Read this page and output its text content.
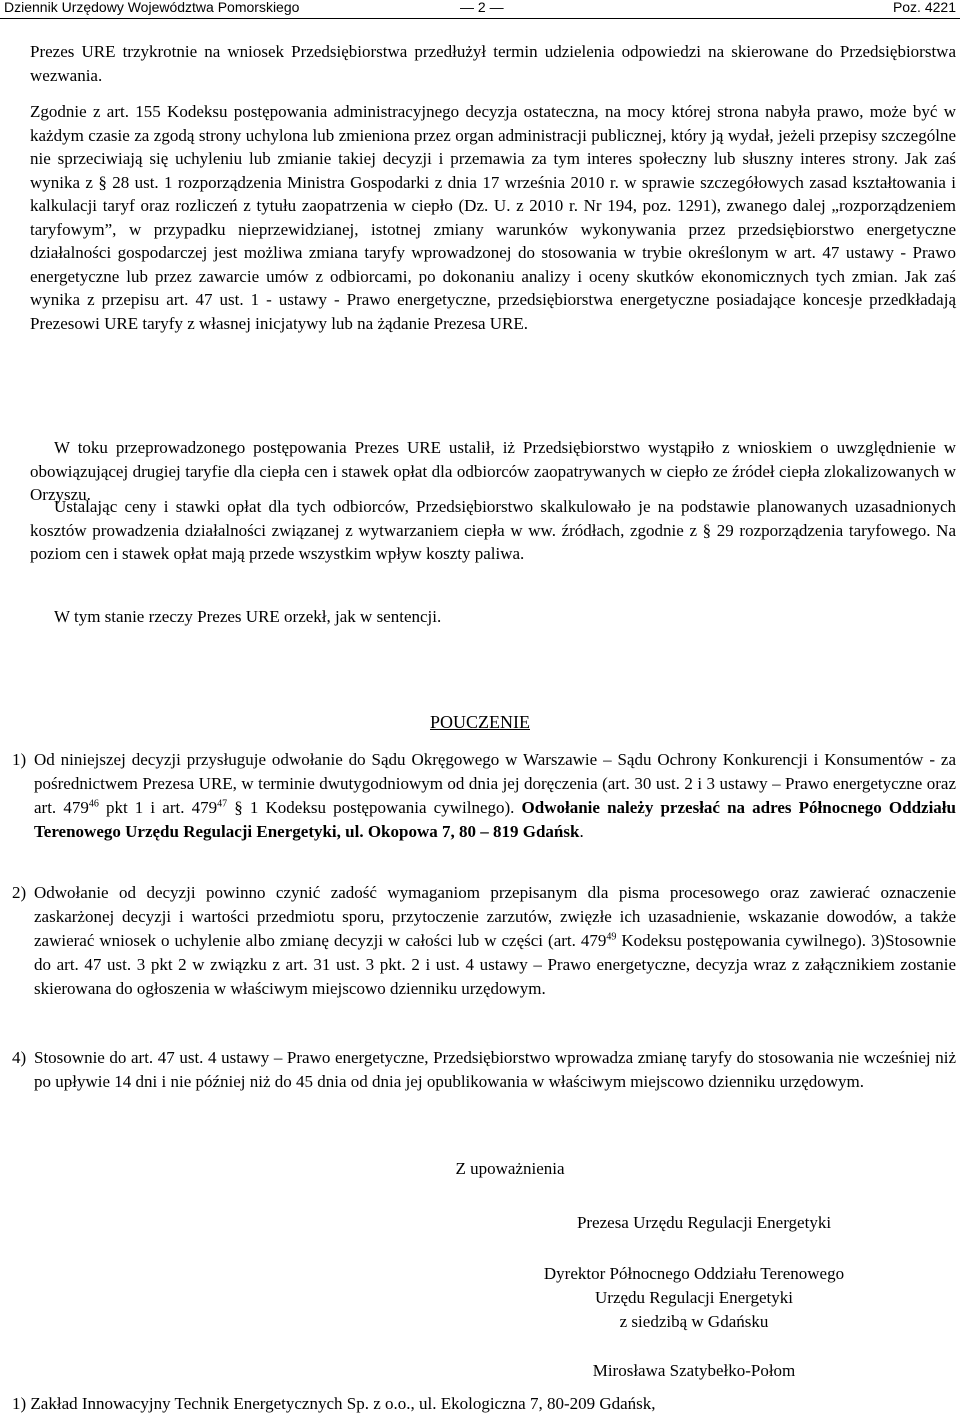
Dziennik Urzędowy Województwa Pomorskiego	— 2 —	Poz. 4221

Prezes URE trzykrotnie na wniosek Przedsiębiorstwa przedłużył termin udzielenia odpowiedzi na skierowane do Przedsiębiorstwa wezwania.

Zgodnie z art. 155 Kodeksu postępowania administracyjnego decyzja ostateczna, na mocy której strona nabyła prawo, może być w każdym czasie za zgodą strony uchylona lub zmieniona przez organ administracji publicznej, który ją wydał, jeżeli przepisy szczególne nie sprzeciwiają się uchyleniu lub zmianie takiej decyzji i przemawia za tym interes społeczny lub słuszny interes strony. Jak zaś wynika z § 28 ust. 1 rozporządzenia Ministra Gospodarki z dnia 17 września 2010 r. w sprawie szczegółowych zasad kształtowania i kalkulacji taryf oraz rozliczeń z tytułu zaopatrzenia w ciepło (Dz. U. z 2010 r. Nr 194, poz. 1291), zwanego dalej „rozporządzeniem taryfowym”, w przypadku nieprzewidzianej, istotnej zmiany warunków wykonywania przez przedsiębiorstwo energetyczne działalności gospodarczej jest możliwa zmiana taryfy wprowadzonej do stosowania w trybie określonym w art. 47 ustawy - Prawo energetyczne lub przez zawarcie umów z odbiorcami, po dokonaniu analizy i oceny skutków ekonomicznych tych zmian. Jak zaś wynika z przepisu art. 47 ust. 1 - ustawy - Prawo energetyczne, przedsiębiorstwa energetyczne posiadające koncesje przedkładają Prezesowi URE taryfy z własnej inicjatywy lub na żądanie Prezesa URE.

W toku przeprowadzonego postępowania Prezes URE ustalił, iż Przedsiębiorstwo wystąpiło z wnioskiem o uwzględnienie w obowiązującej drugiej taryfie dla ciepła cen i stawek opłat dla odbiorców zaopatrywanych w ciepło ze źródeł ciepła zlokalizowanych w Orzyszu.

Ustalając ceny i stawki opłat dla tych odbiorców, Przedsiębiorstwo skalkulowało je na podstawie planowanych uzasadnionych kosztów prowadzenia działalności związanej z wytwarzaniem ciepła w ww. źródłach, zgodnie z § 29 rozporządzenia taryfowego. Na poziom cen i stawek opłat mają przede wszystkim wpływ koszty paliwa.

W tym stanie rzeczy Prezes URE orzekł, jak w sentencji.

POUCZENIE
1) Od niniejszej decyzji przysługuje odwołanie do Sądu Okręgowego w Warszawie – Sądu Ochrony Konkurencji i Konsumentów - za pośrednictwem Prezesa URE, w terminie dwutygodniowym od dnia jej doręczenia (art. 30 ust. 2 i 3 ustawy – Prawo energetyczne oraz art. $479^{46}$ pkt 1 i art. $479^{47}$ § 1 Kodeksu postępowania cywilnego). Odwołanie należy przesłać na adres Północnego Oddziału Terenowego Urzędu Regulacji Energetyki, ul. Okopowa 7, 80 – 819 Gdańsk.
2) Odwołanie od decyzji powinno czynić zadość wymaganiom przepisanym dla pisma procesowego oraz zawierać oznaczenie zaskarżonej decyzji i wartości przedmiotu sporu, przytoczenie zarzutów, zwięzłe ich uzasadnienie, wskazanie dowodów, a także zawierać wniosek o uchylenie albo zmianę decyzji w całości lub w części (art. $479^{49}$ Kodeksu postępowania cywilnego). 3)Stosownie do art. 47 ust. 3 pkt 2 w związku z art. 31 ust. 3 pkt. 2 i ust. 4 ustawy – Prawo energetyczne, decyzja wraz z załącznikiem zostanie skierowana do ogłoszenia w właściwym miejscowo dzienniku urzędowym.
4) Stosownie do art. 47 ust. 4 ustawy – Prawo energetyczne, Przedsiębiorstwo wprowadza zmianę taryfy do stosowania nie wcześniej niż po upływie 14 dni i nie później niż do 45 dnia od dnia jej opublikowania w właściwym miejscowo dzienniku urzędowym.
Z upoważnienia
Prezesa Urzędu Regulacji Energetyki
Dyrektor Północnego Oddziału Terenowego
Urzędu Regulacji Energetyki
z siedzibą w Gdańsku
Mirosława Szatybełko-Połom
1) Zakład Innowacyjny Technik Energetycznych Sp. z o.o., ul. Ekologiczna 7, 80-209 Gdańsk,
